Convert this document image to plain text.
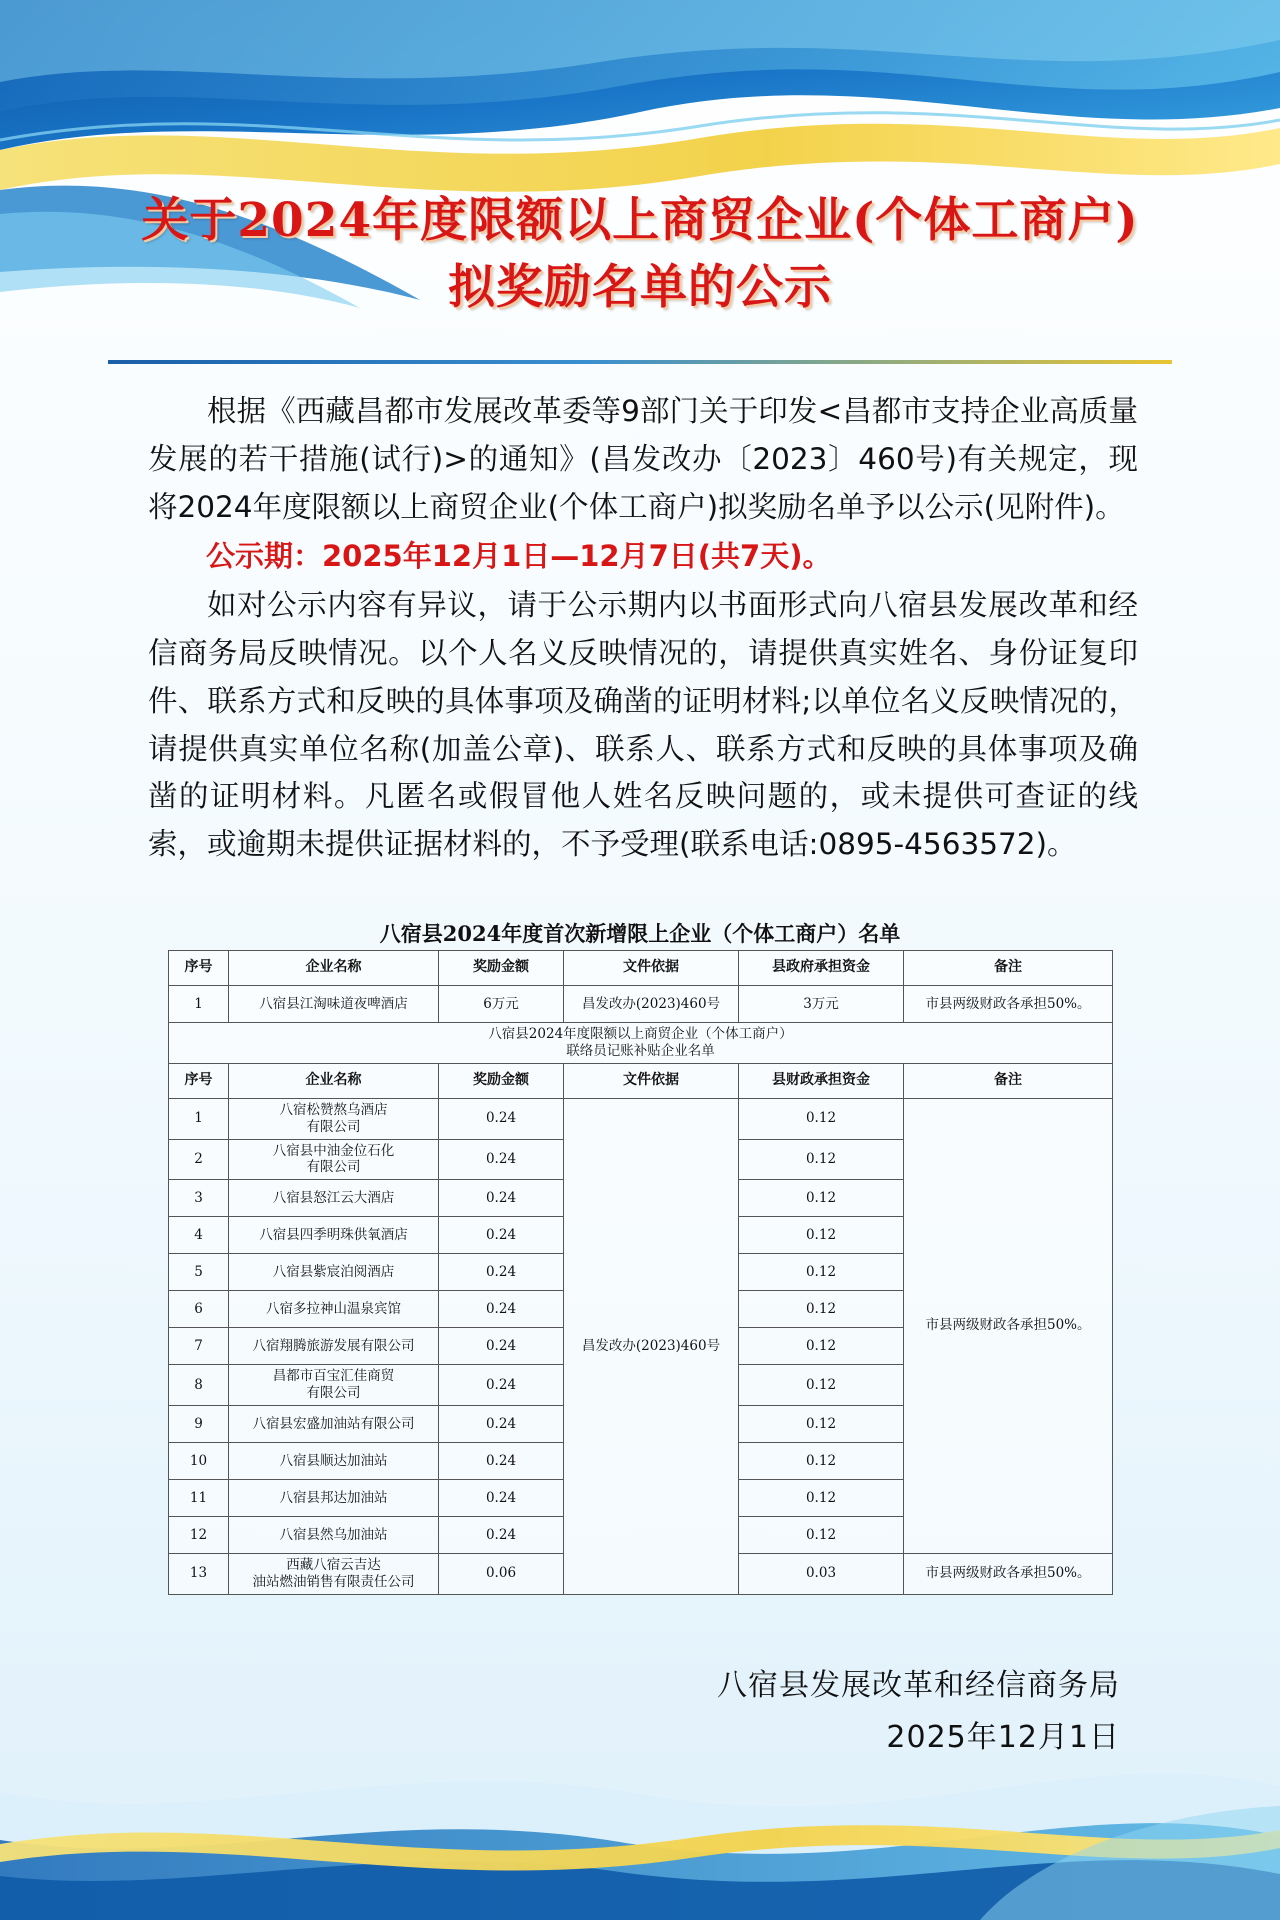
关于2024年度限额以上商贸企业(个体工商户)
拟奖励名单的公示

根据《西藏昌都市发展改革委等9部门关于印发<昌都市支持企业高质量发展的若干措施(试行)>的通知》(昌发改办〔2023〕460号)有关规定，现将2024年度限额以上商贸企业(个体工商户)拟奖励名单予以公示(见附件)。

公示期：2025年12月1日—12月7日(共7天)。

如对公示内容有异议，请于公示期内以书面形式向八宿县发展改革和经信商务局反映情况。以个人名义反映情况的，请提供真实姓名、身份证复印件、联系方式和反映的具体事项及确凿的证明材料;以单位名义反映情况的，请提供真实单位名称(加盖公章)、联系人、联系方式和反映的具体事项及确凿的证明材料。凡匿名或假冒他人姓名反映问题的，或未提供可查证的线索，或逾期未提供证据材料的，不予受理(联系电话:0895-4563572)。

八宿县2024年度首次新增限上企业（个体工商户）名单
序号	企业名称	奖励金额	文件依据	县政府承担资金	备注
1	八宿县江淘味道夜啤酒店	6万元	昌发改办(2023)460号	3万元	市县两级财政各承担50%。

八宿县2024年度限额以上商贸企业（个体工商户）
联络员记账补贴企业名单					

序号	企业名称	奖励金额	文件依据	县财政承担资金	备注
1	八宿松赞熬乌酒店
有限公司	0.24	昌发改办(2023)460号	0.12	市县两级财政各承担50%。
2	八宿县中油金位石化
有限公司	0.24		0.12	
3	八宿县怒江云大酒店	0.24		0.12	
4	八宿县四季明珠供氧酒店	0.24		0.12	
5	八宿县紫宸泊阅酒店	0.24		0.12	
6	八宿多拉神山温泉宾馆	0.24		0.12	
7	八宿翔腾旅游发展有限公司	0.24		0.12	
8	昌都市百宝汇佳商贸
有限公司	0.24		0.12	
9	八宿县宏盛加油站有限公司	0.24		0.12	
10	八宿县顺达加油站	0.24		0.12	
11	八宿县邦达加油站	0.24		0.12	
12	八宿县然乌加油站	0.24		0.12	
13	西藏八宿云吉达
油站燃油销售有限责任公司	0.06		0.03	市县两级财政各承担50%。
八宿县发展改革和经信商务局
2025年12月1日
